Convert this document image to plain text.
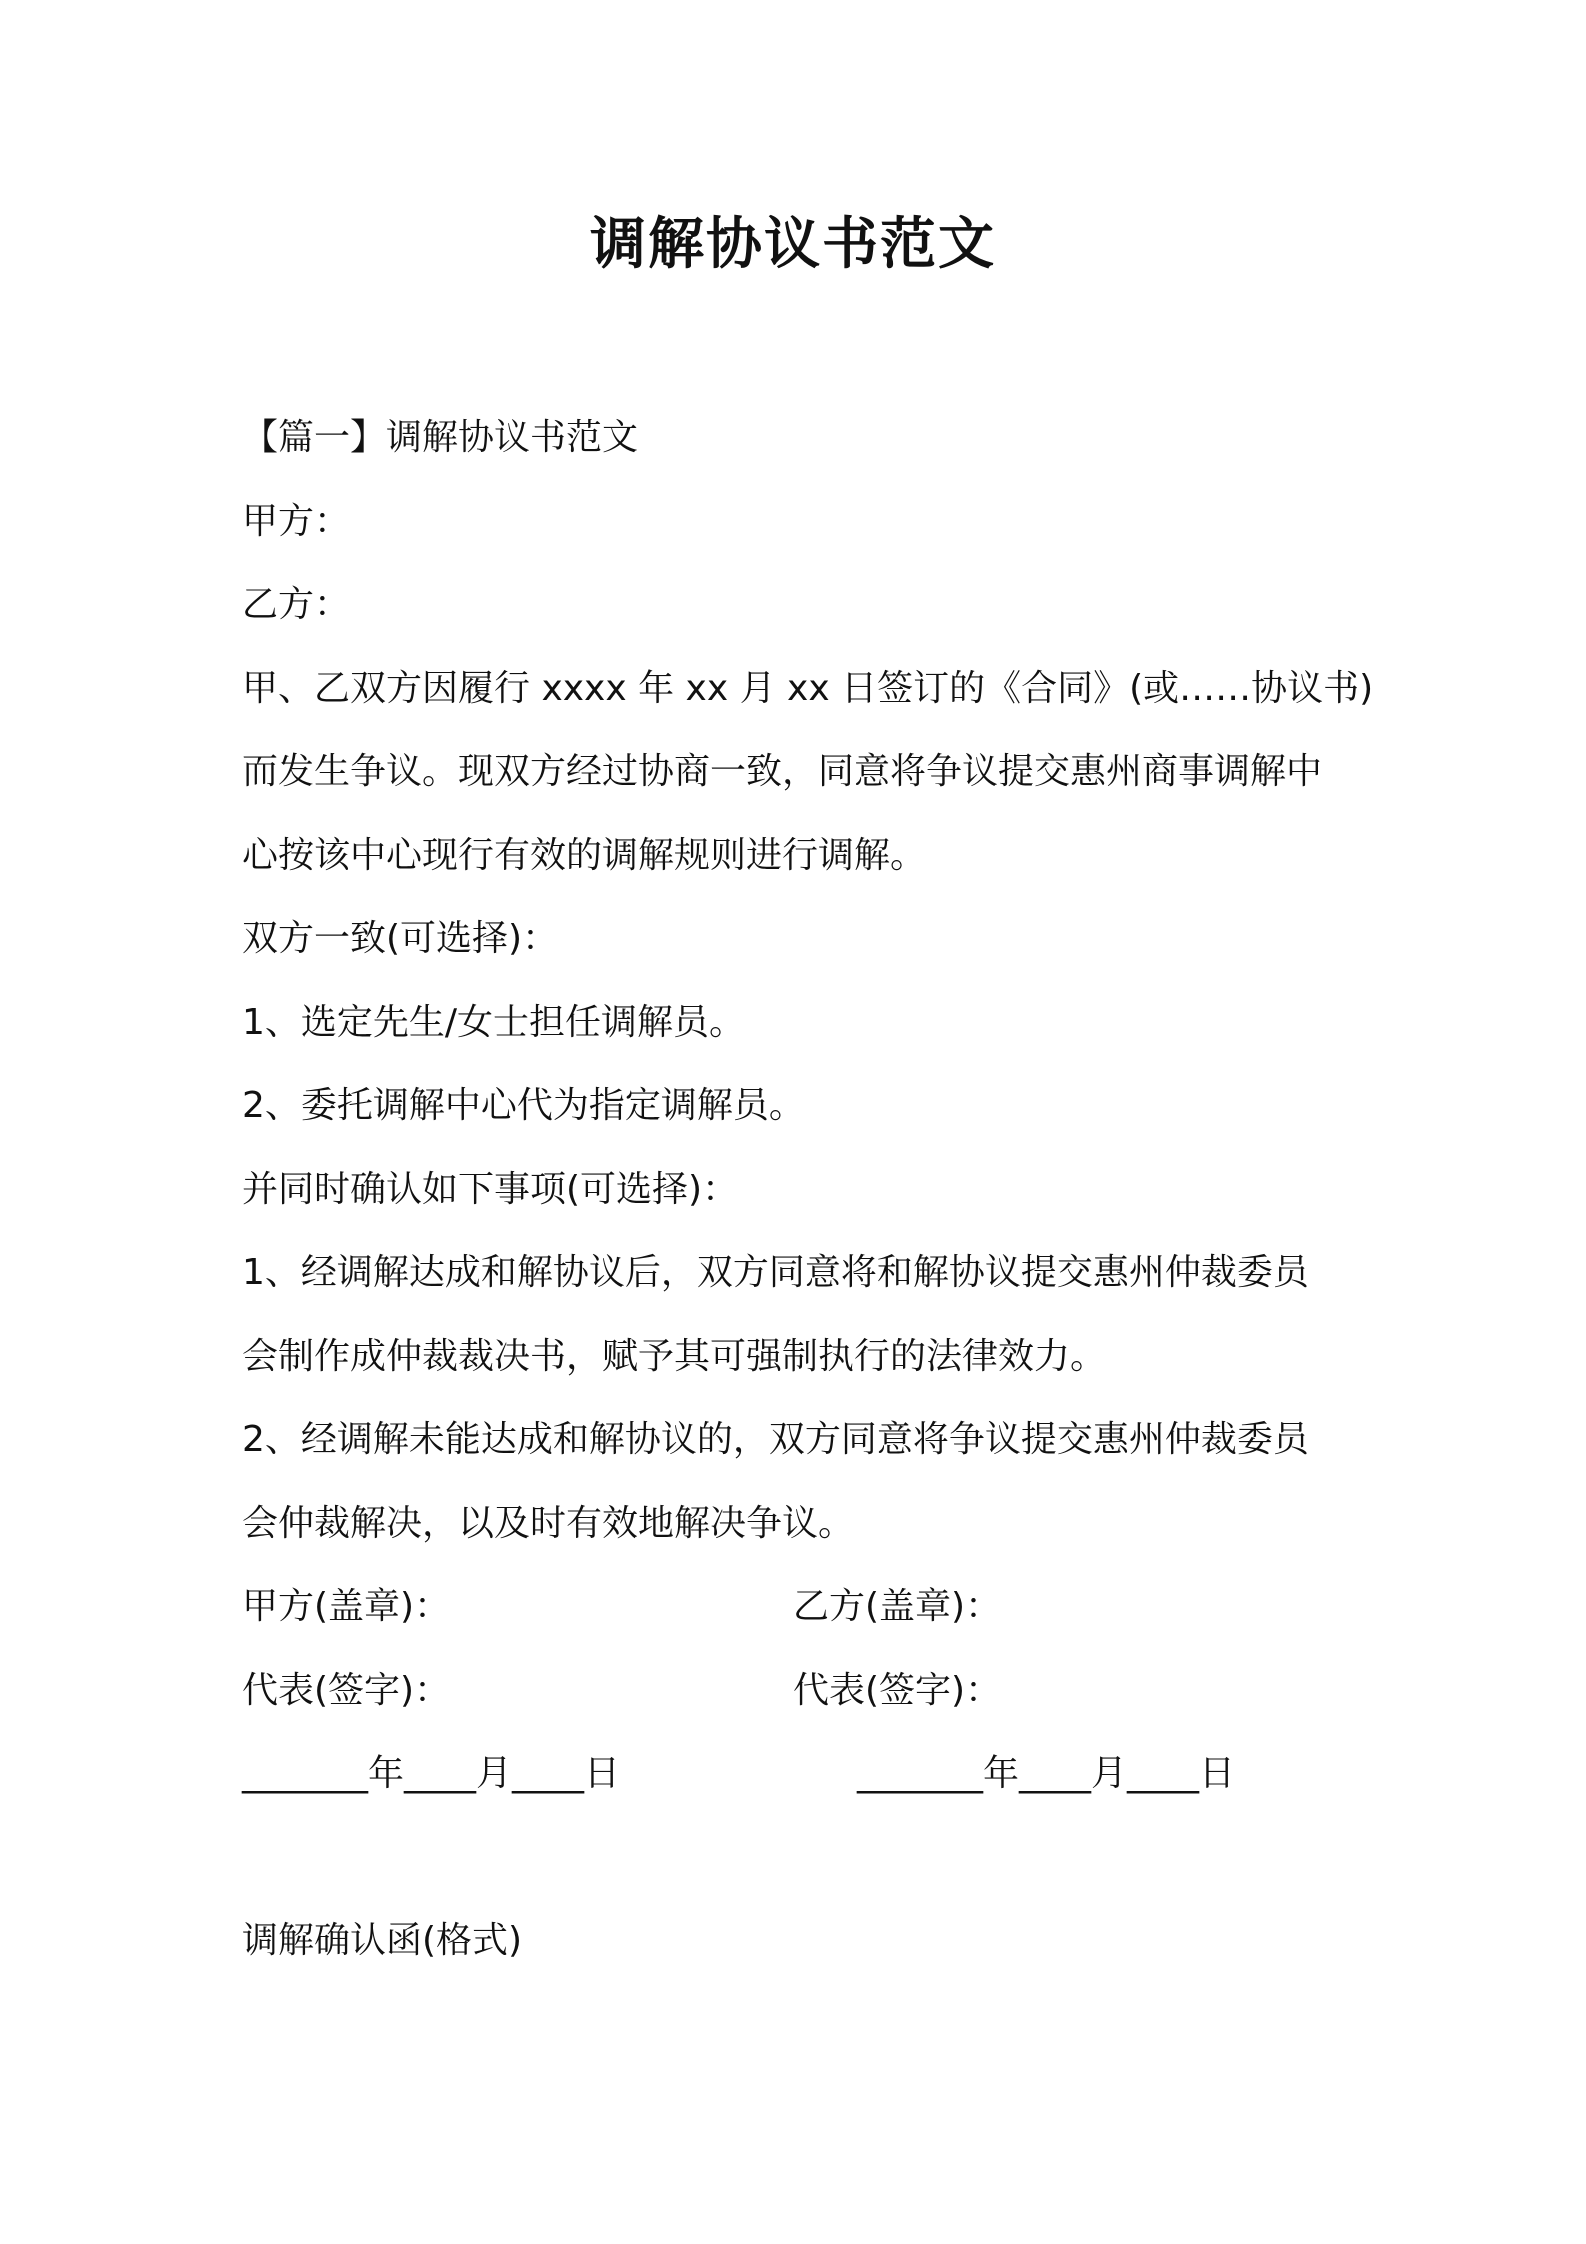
调解协议书范文
【篇一】调解协议书范文
甲方：
乙方：
甲、乙双方因履行 xxxx 年 xx 月 xx 日签订的《合同》(或……协议书)
而发生争议。现双方经过协商一致，同意将争议提交惠州商事调解中
心按该中心现行有效的调解规则进行调解。
双方一致(可选择)：
1、选定先生/女士担任调解员。
2、委托调解中心代为指定调解员。
并同时确认如下事项(可选择)：
1、经调解达成和解协议后，双方同意将和解协议提交惠州仲裁委员
会制作成仲裁裁决书，赋予其可强制执行的法律效力。
2、经调解未能达成和解协议的，双方同意将争议提交惠州仲裁委员
会仲裁解决，以及时有效地解决争议。
甲方(盖章)：	乙方(盖章)：
代表(签字)：	代表(签字)：
_______年____月____日	_______年____月____日
调解确认函(格式)
